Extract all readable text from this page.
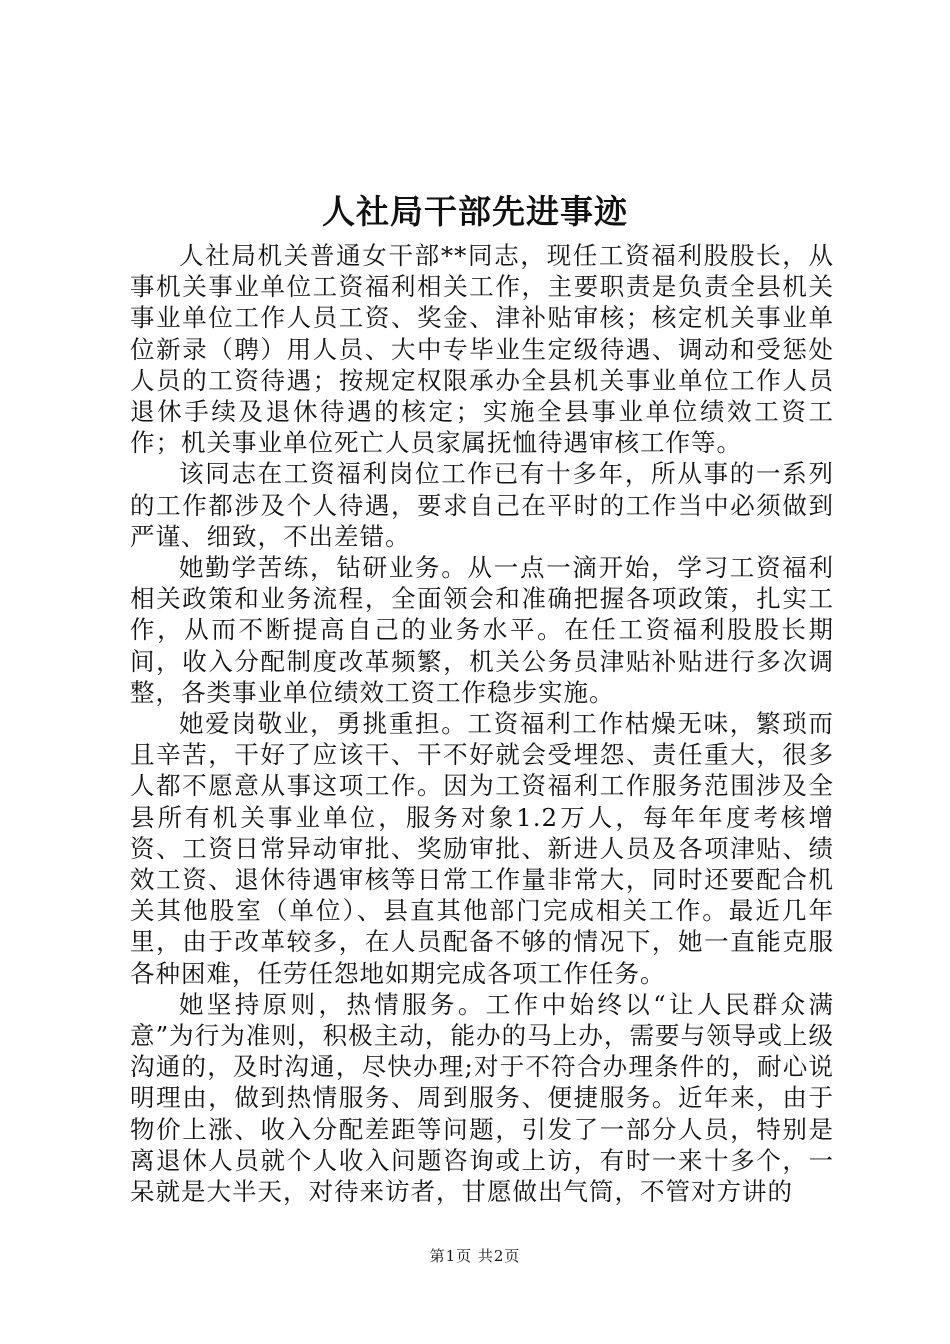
人社局干部先进事迹

人社局机关普通女干部**同志，现任工资福利股股长，从事机关事业单位工资福利相关工作，主要职责是负责全县机关事业单位工作人员工资、奖金、津补贴审核；核定机关事业单位新录（聘）用人员、大中专毕业生定级待遇、调动和受惩处人员的工资待遇；按规定权限承办全县机关事业单位工作人员退休手续及退休待遇的核定；实施全县事业单位绩效工资工作；机关事业单位死亡人员家属抚恤待遇审核工作等。

该同志在工资福利岗位工作已有十多年，所从事的一系列的工作都涉及个人待遇，要求自己在平时的工作当中必须做到严谨、细致，不出差错。

她勤学苦练，钻研业务。从一点一滴开始，学习工资福利相关政策和业务流程，全面领会和准确把握各项政策，扎实工作，从而不断提高自己的业务水平。在任工资福利股股长期间，收入分配制度改革频繁，机关公务员津贴补贴进行多次调整，各类事业单位绩效工资工作稳步实施。

她爱岗敬业，勇挑重担。工资福利工作枯燥无味，繁琐而且辛苦，干好了应该干、干不好就会受埋怨、责任重大，很多人都不愿意从事这项工作。因为工资福利工作服务范围涉及全县所有机关事业单位，服务对象1.2万人，每年年度考核增资、工资日常异动审批、奖励审批、新进人员及各项津贴、绩效工资、退休待遇审核等日常工作量非常大，同时还要配合机关其他股室（单位）、县直其他部门完成相关工作。最近几年里，由于改革较多，在人员配备不够的情况下，她一直能克服各种困难，任劳任怨地如期完成各项工作任务。

她坚持原则，热情服务。工作中始终以“让人民群众满意”为行为准则，积极主动，能办的马上办，需要与领导或上级沟通的，及时沟通，尽快办理;对于不符合办理条件的，耐心说明理由，做到热情服务、周到服务、便捷服务。近年来，由于物价上涨、收入分配差距等问题，引发了一部分人员，特别是离退休人员就个人收入问题咨询或上访，有时一来十多个，一呆就是大半天，对待来访者，甘愿做出气筒，不管对方讲的

第1页 共2页
